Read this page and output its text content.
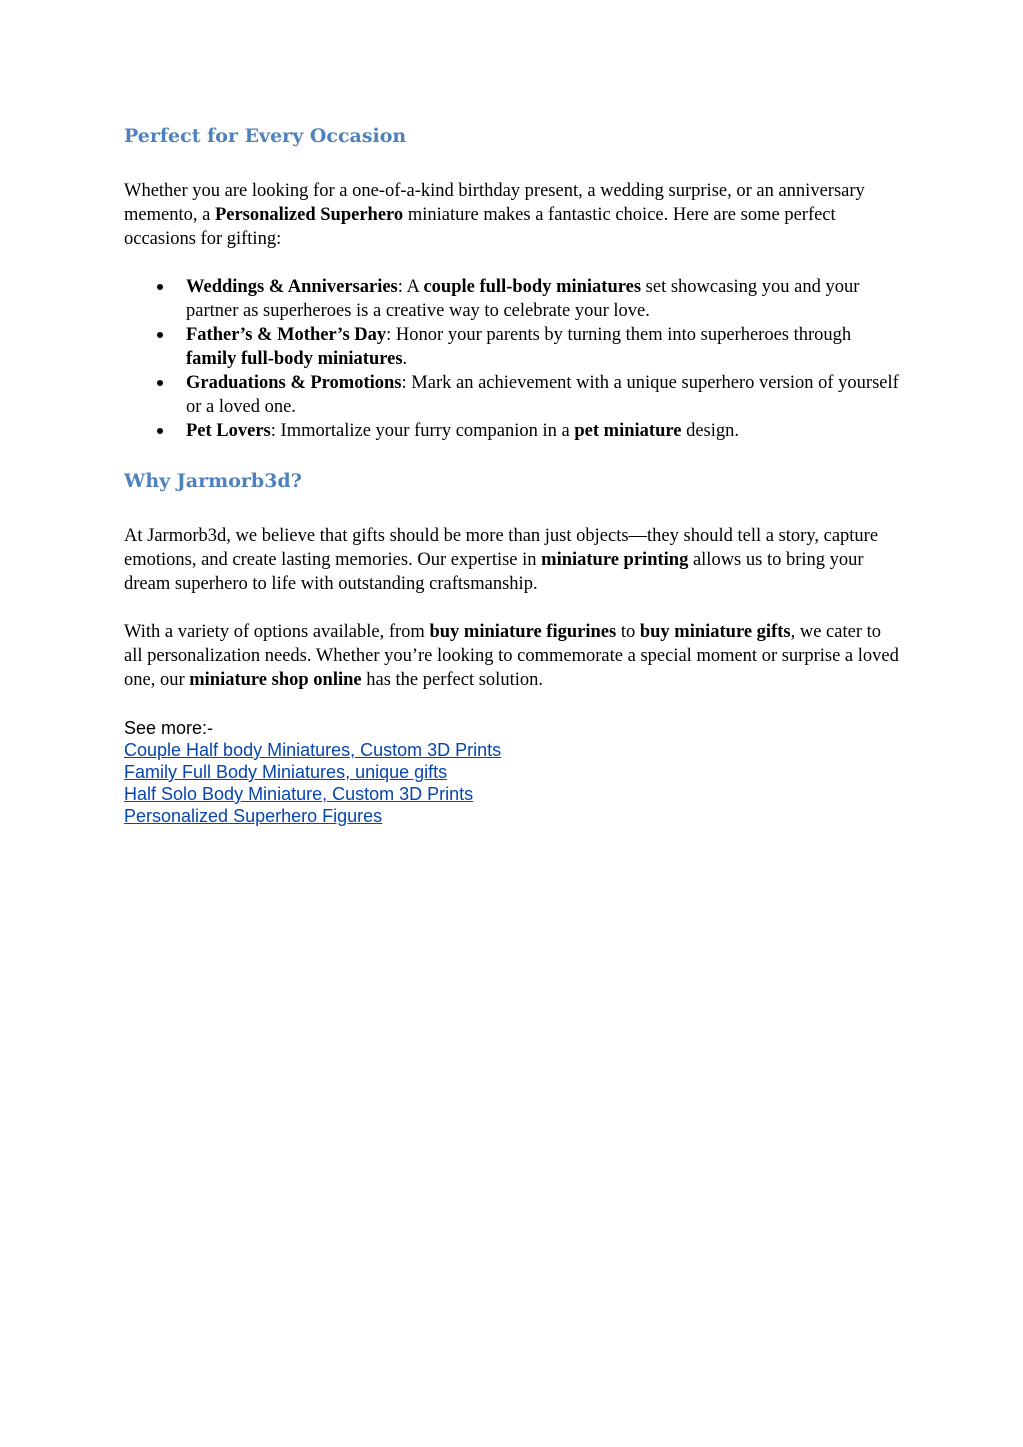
Perfect for Every Occasion

Whether you are looking for a one-of-a-kind birthday present, a wedding surprise, or an anniversary memento, a Personalized Superhero miniature makes a fantastic choice. Here are some perfect occasions for gifting:

Weddings & Anniversaries: A couple full-body miniatures set showcasing you and your partner as superheroes is a creative way to celebrate your love.
Father’s & Mother’s Day: Honor your parents by turning them into superheroes through family full-body miniatures.
Graduations & Promotions: Mark an achievement with a unique superhero version of yourself or a loved one.
Pet Lovers: Immortalize your furry companion in a pet miniature design.
Why Jarmorb3d?

At Jarmorb3d, we believe that gifts should be more than just objects—they should tell a story, capture emotions, and create lasting memories. Our expertise in miniature printing allows us to bring your dream superhero to life with outstanding craftsmanship.

With a variety of options available, from buy miniature figurines to buy miniature gifts, we cater to all personalization needs. Whether you’re looking to commemorate a special moment or surprise a loved one, our miniature shop online has the perfect solution.

See more:-

Couple Half body Miniatures, Custom 3D Prints
Family Full Body Miniatures, unique gifts
Half Solo Body Miniature, Custom 3D Prints
Personalized Superhero Figures
